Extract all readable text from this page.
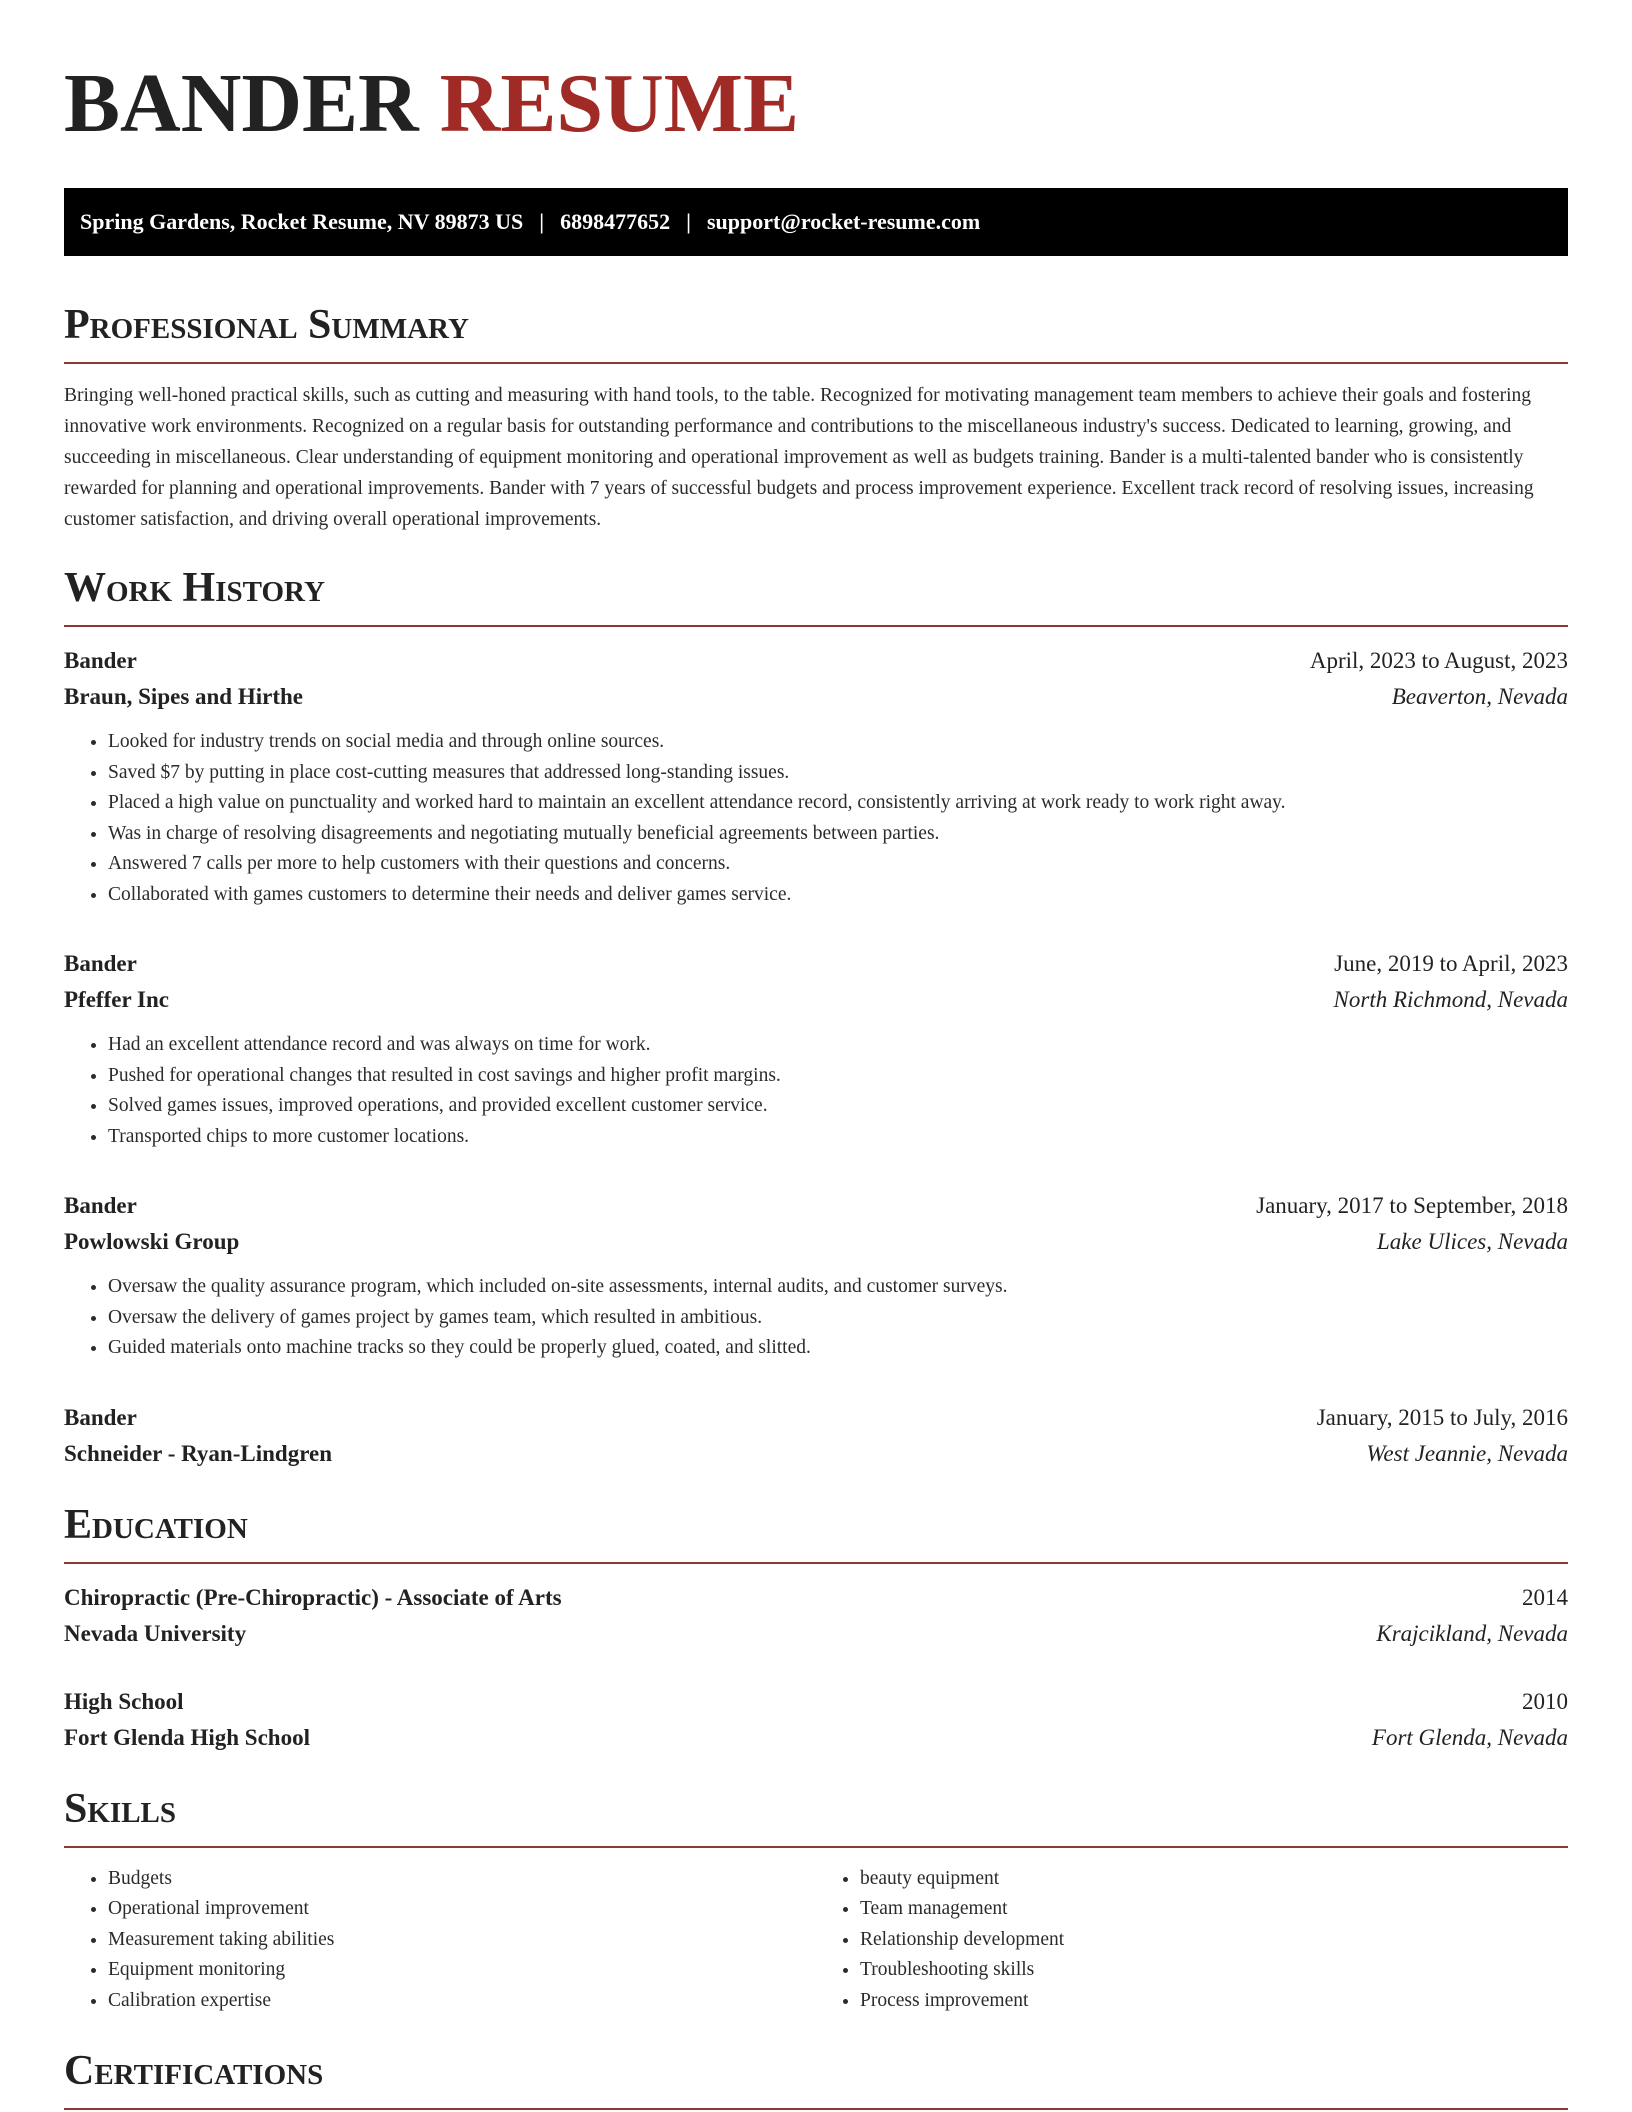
BANDER RESUME
Spring Gardens, Rocket Resume, NV 89873 US | 6898477652 | support@rocket-resume.com
Professional Summary

Bringing well-honed practical skills, such as cutting and measuring with hand tools, to the table. Recognized for motivating management team members to achieve their goals and fostering innovative work environments. Recognized on a regular basis for outstanding performance and contributions to the miscellaneous industry's success. Dedicated to learning, growing, and succeeding in miscellaneous. Clear understanding of equipment monitoring and operational improvement as well as budgets training. Bander is a multi-talented bander who is consistently rewarded for planning and operational improvements. Bander with 7 years of successful budgets and process improvement experience. Excellent track record of resolving issues, increasing customer satisfaction, and driving overall operational improvements.

Work History
Bander	April, 2023 to August, 2023
Braun, Sipes and Hirthe	Beaverton, Nevada
• Looked for industry trends on social media and through online sources.
• Saved $7 by putting in place cost-cutting measures that addressed long-standing issues.
• Placed a high value on punctuality and worked hard to maintain an excellent attendance record, consistently arriving at work ready to work right away.
• Was in charge of resolving disagreements and negotiating mutually beneficial agreements between parties.
• Answered 7 calls per more to help customers with their questions and concerns.
• Collaborated with games customers to determine their needs and deliver games service.
Bander	June, 2019 to April, 2023
Pfeffer Inc	North Richmond, Nevada
• Had an excellent attendance record and was always on time for work.
• Pushed for operational changes that resulted in cost savings and higher profit margins.
• Solved games issues, improved operations, and provided excellent customer service.
• Transported chips to more customer locations.
Bander	January, 2017 to September, 2018
Powlowski Group	Lake Ulices, Nevada
• Oversaw the quality assurance program, which included on-site assessments, internal audits, and customer surveys.
• Oversaw the delivery of games project by games team, which resulted in ambitious.
• Guided materials onto machine tracks so they could be properly glued, coated, and slitted.
Bander	January, 2015 to July, 2016
Schneider - Ryan-Lindgren	West Jeannie, Nevada
Education
Chiropractic (Pre-Chiropractic) - Associate of Arts	2014
Nevada University	Krajcikland, Nevada
High School	2010
Fort Glenda High School	Fort Glenda, Nevada
Skills
• Budgets
• Operational improvement
• Measurement taking abilities
• Equipment monitoring
• Calibration expertise
• beauty equipment
• Team management
• Relationship development
• Troubleshooting skills
• Process improvement
Certifications
